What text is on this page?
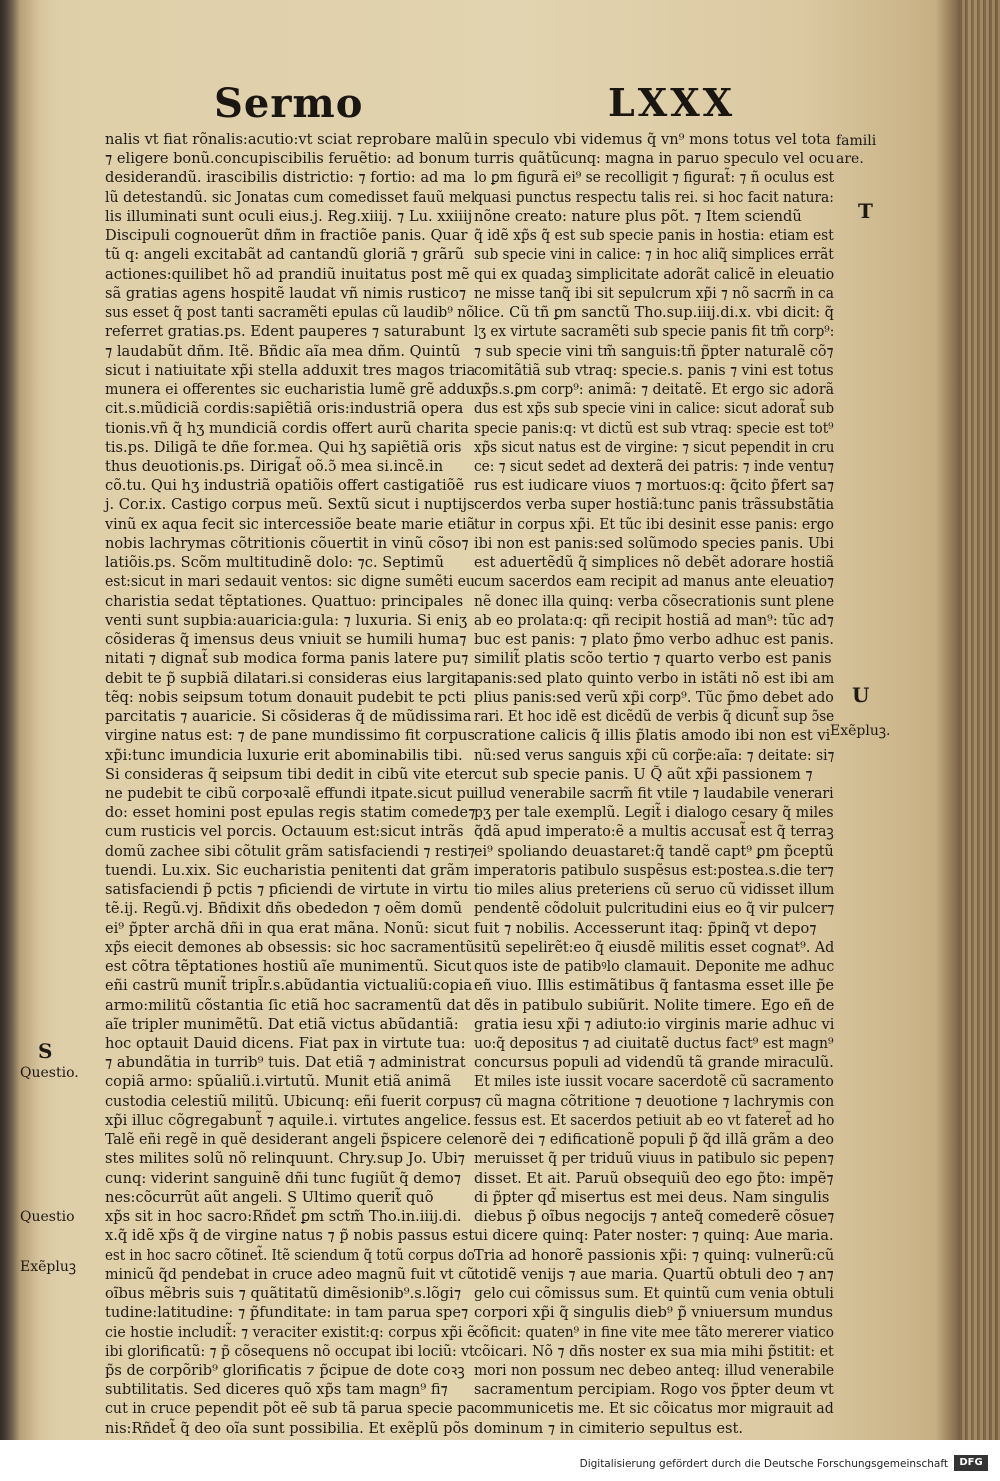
Sermo	LXXX

nalis vt fiat rõnalis:acutio:vt sciat reprobare malũ

⁊ eligere bonũ.concupiscibilis feruẽtio: ad bonum

desiderandũ. irascibilis districtio: ⁊ fortio: ad ma

lũ detestandũ. sic Jonatas cum comedisset fauũ mel

lis illuminati sunt oculi eius.j. Reg.xiiij. ⁊ Lu. xxiiij

Discipuli cognouerũt dñm in fractiõe panis. Quar

tũ q: angeli excitabãt ad cantandũ gloriã ⁊ grãrũ

actiones:quilibet hõ ad prandiũ inuitatus post mẽ

sã gratias agens hospitẽ laudat vñ nimis rustico⁊

sus esset q̃ post tanti sacramẽti epulas cũ laudib⁹ nõ

referret gratias.ps. Edent pauperes ⁊ saturabunt

⁊ laudabũt dñm. Itẽ. Bñdic aĩa mea dñm. Quintũ

sicut i natiuitate xp̃i stella adduxit tres magos tria

munera ei offerentes sic eucharistia lumẽ grẽ addu

cit.s.mũdiciã cordis:sapiẽtiã oris:industriã opera

tionis.vñ q̃ hʒ mundiciã cordis offert aurũ charita

tis.ps. Diligã te dñe for.mea. Qui hʒ sapiẽtiã oris

thus deuotionis.ps. Dirigat̃ oõ.ɔ̃ mea si.incẽ.in

cõ.tu. Qui hʒ industriã opatiõis offert castigatiõẽ

j. Cor.ix. Castigo corpus meũ. Sextũ sicut i nuptijs

vinũ ex aqua fecit sic intercessiõe beate marie etiã

nobis lachrymas cõtritionis cõuertit in vinũ cõso⁊

latiõis.ps. Scõm multitudinẽ dolo: ⁊c. Septimũ

est:sicut in mari sedauit ventos: sic digne sumẽti eu

charistia sedat tẽptationes. Quattuo: principales

venti sunt supbia:auaricia:gula: ⁊ luxuria. Si eniʒ

cõsideras q̃ imensus deus vniuit se humili huma⁊

nitati ⁊ dignat̃ sub modica forma panis latere pu⁊

debit te p̃ supbiã dilatari.si consideras eius largita

tẽq: nobis seipsum totum donauit pudebit te pcti

parcitatis ⁊ auaricie. Si cõsideras q̃ de mũdissima

virgine natus est: ⁊ de pane mundissimo fit corpus

xp̃i:tunc imundicia luxurie erit abominabilis tibi.

Si consideras q̃ seipsum tibi dedit in cibũ vite eter

ne pudebit te cibũ corpoꝛalẽ effundi itpate.sicut pu

do: esset homini post epulas regis statim comede⁊

cum rusticis vel porcis. Octauum est:sicut intrãs

domũ zachee sibi cõtulit grãm satisfaciendi ⁊ resti⁊

tuendi. Lu.xix. Sic eucharistia penitenti dat grãm

satisfaciendi p̃ pctis ⁊ pficiendi de virtute in virtu

tẽ.ij. Regũ.vj. Bñdixit dñs obededon ⁊ oẽm domũ

ei⁹ p̃pter archã dñi in qua erat mãna. Nonũ: sicut

xp̃s eiecit demones ab obsessis: sic hoc sacramentũ

est cõtra tẽptationes hostiũ aĩe munimentũ. Sicut

eñi castrũ munit̃ tripl̃r.s.abũdantia victualiũ:copia

armo:militũ cõstantia ſic etiã hoc sacramentũ dat

aĩe tripler munimẽtũ. Dat etiã victus abũdantiã:

hoc optauit Dauid dicens. Fiat pax in virtute tua:

⁊ abundãtia in turrib⁹ tuis. Dat etiã ⁊ administrat

copiã armo: spũaliũ.i.virtutũ. Munit etiã animã

custodia celestiũ militũ. Ubicunq: eñi fuerit corpus

xp̃i illuc cõgregabunt̃ ⁊ aquile.i. virtutes angelice.

Talẽ eñi regẽ in quẽ desiderant angeli p̃spicere cele

stes milites solũ nõ relinquunt. Chry.sup Jo. Ubi⁊

cunq: viderint sanguinẽ dñi tunc fugiũt q̃ demo⁊

nes:cõcurrũt aũt angeli. S Ultimo querit̃ quõ

xp̃s sit in hoc sacro:Rñdet̃ ꝑm sctm̃ Tho.in.iiij.di.

x.q̃ idẽ xp̃s q̃ de virgine natus ⁊ p̃ nobis passus est

est in hoc sacro cõtinet̃. Itẽ sciendum q̃ totũ corpus do

minicũ q̃d pendebat in cruce adeo magnũ fuit vt cũ

oĩbus mẽbris suis ⁊ quãtitatũ dimẽsionib⁹.s.lõgi⁊

tudine:latitudine: ⁊ p̃funditate: in tam parua spe⁊

cie hostie includit̃: ⁊ veraciter existit:q: corpus xp̃i ẽ

ibi glorificatũ: ⁊ p̃ cõsequens nõ occupat ibi lociũ: vt

p̃s de corpõrib⁹ glorificatis ⁊ p̃cipue de dote coꝛꝫ

subtilitatis. Sed diceres quõ xp̃s tam magn⁹ fi⁊

cut in cruce pependit põt eẽ sub tã parua specie pa

nis:Rñdet̃ q̃ deo oĩa sunt possibilia. Et exẽplũ põs

in speculo vbi videmus q̃ vn⁹ mons totus vel tota

turris quãtũcunq: magna in paruo speculo vel ocu

lo ꝑm figurã ei⁹ se recolligit ⁊ figurat̃: ⁊ ñ oculus est

quasi punctus respectu talis rei. si hoc facit natura:

nõne creato: nature plus põt. ⁊ Item sciendũ

q̃ idẽ xp̃s q̃ est sub specie panis in hostia: etiam est

sub specie vini in calice: ⁊ in hoc aliq̃ simplices errãt

qui ex quadaꝫ simplicitate adorãt calicẽ in eleuatio

ne misse tanq̃ ibi sit sepulcrum xp̃i ⁊ nõ sacrm̃ in ca

lice. Cũ tñ ꝑm sanctũ Tho.sup.iiij.di.x. vbi dicit: q̃

lʒ ex virtute sacramẽti sub specie panis fit tm̃ corp⁹:

⁊ sub specie vini tm̃ sanguis:tñ p̃pter naturalẽ cõ⁊

comitãtiã sub vtraq: specie.s. panis ⁊ vini est totus

xp̃s.s.ꝑm corp⁹: animã: ⁊ deitatẽ. Et ergo sic adorã

dus est xp̃s sub specie vini in calice: sicut adorat̃ sub

specie panis:q: vt dictũ est sub vtraq: specie est tot⁹

xp̃s sicut natus est de virgine: ⁊ sicut pependit in cru

ce: ⁊ sicut sedet ad dexterã dei patris: ⁊ inde ventu⁊

rus est iudicare viuos ⁊ mortuos:q: q̃cito p̃fert sa⁊

cerdos verba super hostiã:tunc panis trãssubstãtia

tur in corpus xp̃i. Et tũc ibi desinit esse panis: ergo

ibi non est panis:sed solũmodo species panis. Ubi

est aduertẽdũ q̃ simplices nõ debẽt adorare hostiã

cum sacerdos eam recipit ad manus ante eleuatio⁊

nẽ donec illa quinq: verba cõsecrationis sunt plene

ab eo prolata:q: qñ recipit hostiã ad man⁹: tũc ad⁊

buc est panis: ⁊ plato p̃mo verbo adhuc est panis.

similit̃ platis scõo tertio ⁊ quarto verbo est panis

panis:sed plato quinto verbo in istãti nõ est ibi am

plius panis:sed verũ xp̃i corp⁹. Tũc p̃mo debet ado

rari. Et hoc idẽ est dicẽdũ de verbis q̃ dicunt̃ sup ɔ̃se

cratione calicis q̃ illis p̃latis amodo ibi non est vi

nũ:sed verus sanguis xp̃i cũ corp̃e:aĩa: ⁊ deitate: si⁊

cut sub specie panis. U Q̃ aũt xp̃i passionem ⁊

illud venerabile sacrm̃ fit vtile ⁊ laudabile venerari

pʒ per tale exemplũ. Legit̃ i dialogo cesary q̃ miles

q̃dã apud imperato:ẽ a multis accusat̃ est q̃ terraꝫ

ei⁹ spoliando deuastaret:q̃ tandẽ capt⁹ ꝑm p̃ceptũ

imperatoris patibulo suspẽsus est:postea.s.die ter⁊

tio miles alius preteriens cũ seruo cũ vidisset illum

pendentẽ cõdoluit pulcritudini eius eo q̃ vir pulcer⁊

fuit ⁊ nobilis. Accesserunt itaq: p̃pinq̃ vt depo⁊

sitũ sepelirẽt:eo q̃ eiusdẽ militis esset cognat⁹. Ad

quos iste de patibꝰlo clamauit. Deponite me adhuc

eñ viuo. Illis estimãtibus q̃ fantasma esset ille p̃e

dẽs in patibulo subiũrit. Nolite timere. Ego eñ de

gratia iesu xp̃i ⁊ adiuto:io virginis marie adhuc vi

uo:q̃ depositus ⁊ ad ciuitatẽ ductus fact⁹ est magn⁹

concursus populi ad videndũ tã grande miraculũ.

Et miles iste iussit vocare sacerdotẽ cũ sacramento

⁊ cũ magna cõtritione ⁊ deuotione ⁊ lachrymis con

fessus est. Et sacerdos petiuit ab eo vt fateret̃ ad ho

norẽ dei ⁊ edificationẽ populi p̃ q̃d illã grãm a deo

meruisset q̃ per triduũ viuus in patibulo sic pepen⁊

disset. Et ait. Paruũ obsequiũ deo ego p̃to: impẽ⁊

di p̃pter qd̃ misertus est mei deus. Nam singulis

diebus p̃ oĩbus negocijs ⁊ anteq̃ comederẽ cõsue⁊

ui dicere quinq: Pater noster: ⁊ quinq: Aue maria.

Tria ad honorẽ passionis xp̃i: ⁊ quinq: vulnerũ:cũ

totidẽ venijs ⁊ aue maria. Quartũ obtuli deo ⁊ an⁊

gelo cui cõmissus sum. Et quintũ cum venia obtuli

corpori xp̃i q̃ singulis dieb⁹ p̃ vniuersum mundus

cõficit: quaten⁹ in fine vite mee tãto mererer viatico

cõicari. Nõ ⁊ dñs noster ex sua mia mihi p̃stitit: et

mori non possum nec debeo anteq: illud venerabile

sacramentum percipiam. Rogo vos p̃pter deum vt

communicetis me. Et sic cõicatus mor migrauit ad

dominum ⁊ in cimiterio sepultus est.

famili
are.
T
U
Exẽpluꝫ.
S
Questio.
Questio
Exẽpluꝫ
Digitalisierung gefördert durch die Deutsche Forschungsgemeinschaft	DFG
